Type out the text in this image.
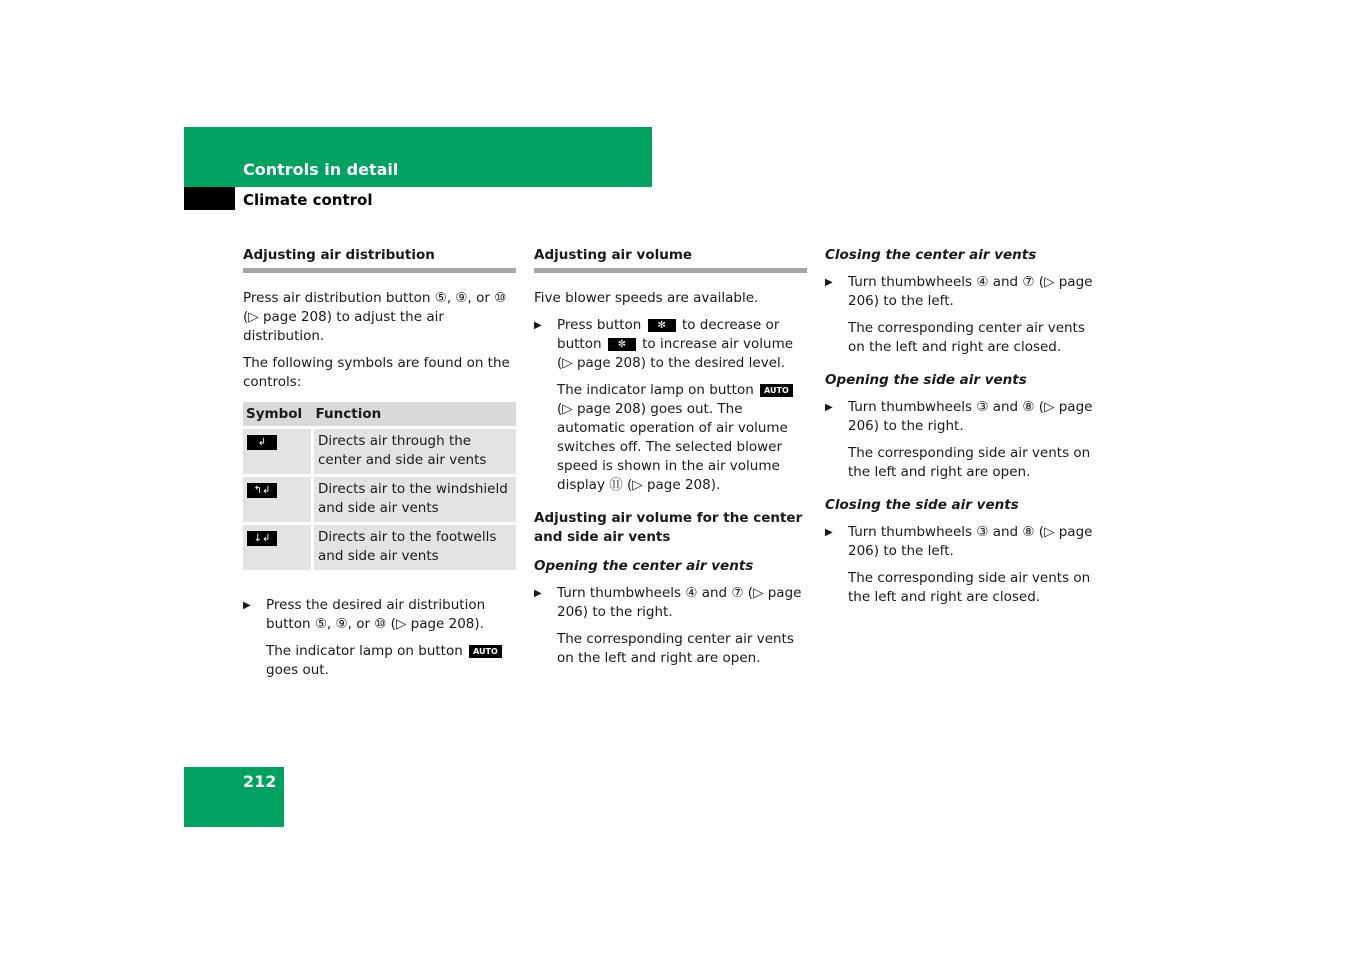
Controls in detail
Climate control
Adjusting air distribution

Press air distribution button ⑤, ⑨, or ⑩ (▷ page 208) to adjust the air distribution.

The following symbols are found on the controls:

Symbol	Function
↲	Directs air through the center and side air vents
↰↲	Directs air to the windshield and side air vents
↓↲	Directs air to the footwells and side air vents
▶ Press the desired air distribution button ⑤, ⑨, or ⑩ (▷ page 208).
The indicator lamp on button AUTO goes out.
Adjusting air volume

Five blower speeds are available.

▶ Press button ✻ to decrease or button ✼ to increase air volume (▷ page 208) to the desired level.
The indicator lamp on button AUTO (▷ page 208) goes out. The automatic operation of air volume switches off. The selected blower speed is shown in the air volume display ⑪ (▷ page 208).
Adjusting air volume for the center and side air vents
Opening the center air vents
▶ Turn thumbwheels ④ and ⑦ (▷ page 206) to the right.
The corresponding center air vents on the left and right are open.
Closing the center air vents
▶ Turn thumbwheels ④ and ⑦ (▷ page 206) to the left.
The corresponding center air vents on the left and right are closed.
Opening the side air vents
▶ Turn thumbwheels ③ and ⑧ (▷ page 206) to the right.
The corresponding side air vents on the left and right are open.
Closing the side air vents
▶ Turn thumbwheels ③ and ⑧ (▷ page 206) to the left.
The corresponding side air vents on the left and right are closed.
212
